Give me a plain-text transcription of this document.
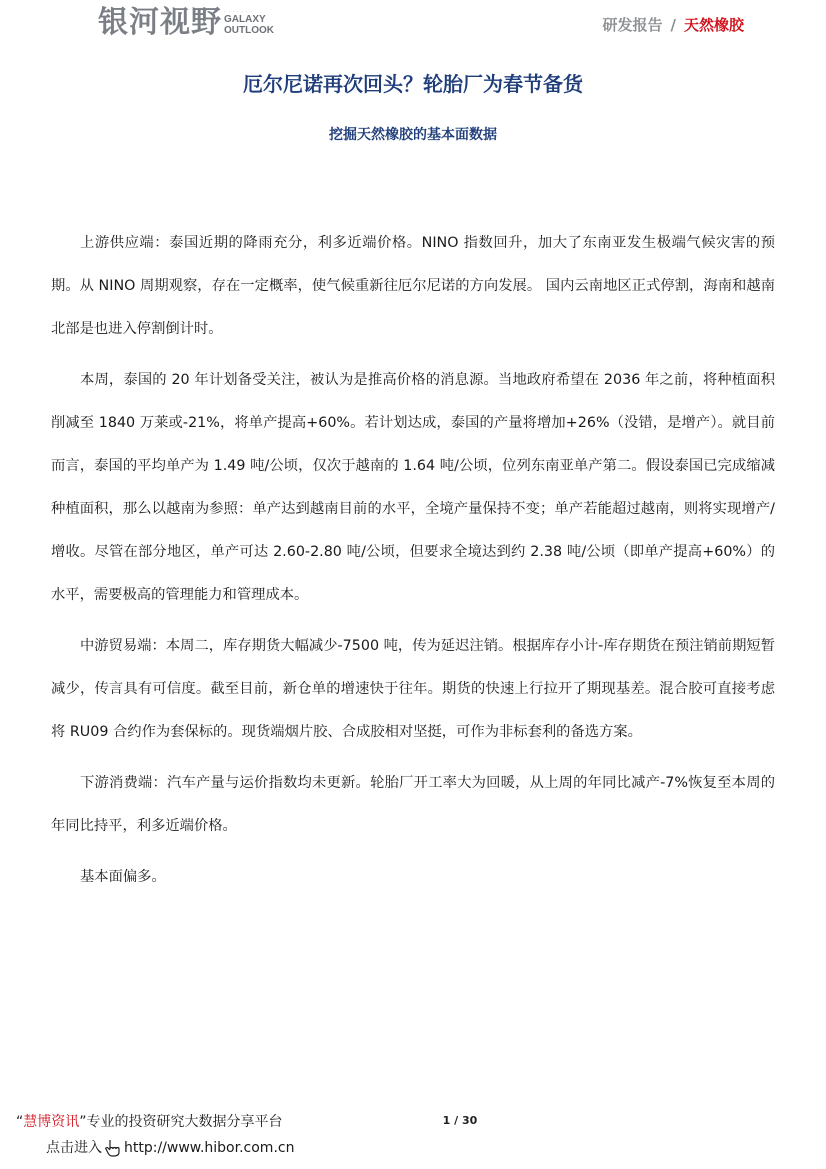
银河视野 · · · · · · ·
GALAXY
OUTLOOK	研发报告 / 天然橡胶
厄尔尼诺再次回头？轮胎厂为春节备货
挖掘天然橡胶的基本面数据

上游供应端：泰国近期的降雨充分，利多近端价格。NINO 指数回升，加大了东南亚发生极端气候灾害的预期。从 NINO 周期观察，存在一定概率，使气候重新往厄尔尼诺的方向发展。 国内云南地区正式停割，海南和越南北部是也进入停割倒计时。

本周，泰国的 20 年计划备受关注，被认为是推高价格的消息源。当地政府希望在 2036 年之前，将种植面积削减至 1840 万莱或-21%，将单产提高+60%。若计划达成，泰国的产量将增加+26%（没错，是增产）。就目前而言，泰国的平均单产为 1.49 吨/公顷，仅次于越南的 1.64 吨/公顷，位列东南亚单产第二。假设泰国已完成缩减种植面积，那么以越南为参照：单产达到越南目前的水平，全境产量保持不变；单产若能超过越南，则将实现增产/增收。尽管在部分地区，单产可达 2.60-2.80 吨/公顷，但要求全境达到约 2.38 吨/公顷（即单产提高+60%）的水平，需要极高的管理能力和管理成本。

中游贸易端：本周二，库存期货大幅减少-7500 吨，传为延迟注销。根据库存小计-库存期货在预注销前期短暂减少，传言具有可信度。截至目前，新仓单的增速快于往年。期货的快速上行拉开了期现基差。混合胶可直接考虑将 RU09 合约作为套保标的。现货端烟片胶、合成胶相对坚挺，可作为非标套利的备选方案。

下游消费端：汽车产量与运价指数均未更新。轮胎厂开工率大为回暖，从上周的年同比减产-7%恢复至本周的年同比持平，利多近端价格。

基本面偏多。

“慧博资讯”专业的投资研究大数据分享平台
点击进入 http://www.hibor.com.cn
1 / 30
